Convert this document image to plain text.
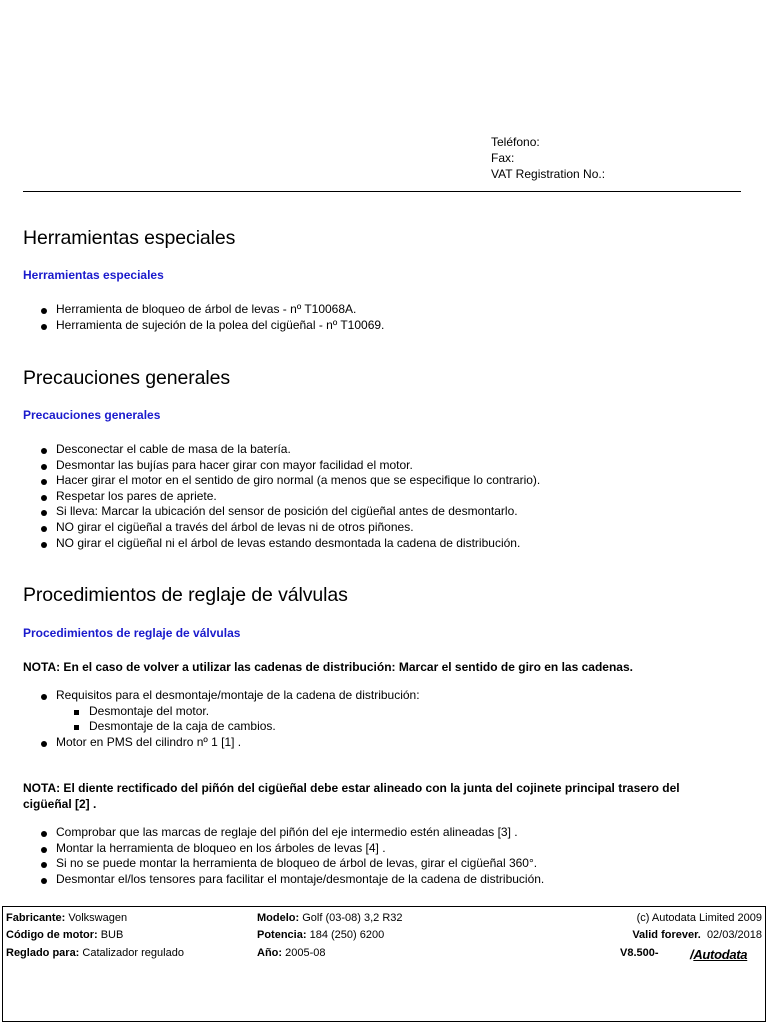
Teléfono:
Fax:
VAT Registration No.:
Herramientas especiales
Herramientas especiales
Herramienta de bloqueo de árbol de levas - nº T10068A.
Herramienta de sujeción de la polea del cigüeñal - nº T10069.
Precauciones generales
Precauciones generales
Desconectar el cable de masa de la batería.
Desmontar las bujías para hacer girar con mayor facilidad el motor.
Hacer girar el motor en el sentido de giro normal (a menos que se especifique lo contrario).
Respetar los pares de apriete.
Si lleva: Marcar la ubicación del sensor de posición del cigüeñal antes de desmontarlo.
NO girar el cigüeñal a través del árbol de levas ni de otros piñones.
NO girar el cigüeñal ni el árbol de levas estando desmontada la cadena de distribución.
Procedimientos de reglaje de válvulas
Procedimientos de reglaje de válvulas
NOTA: En el caso de volver a utilizar las cadenas de distribución: Marcar el sentido de giro en las cadenas.
Requisitos para el desmontaje/montaje de la cadena de distribución:
Desmontaje del motor.
Desmontaje de la caja de cambios.
Motor en PMS del cilindro nº 1 [1] .
NOTA: El diente rectificado del piñón del cigüeñal debe estar alineado con la junta del cojinete principal trasero del cigüeñal [2] .
Comprobar que las marcas de reglaje del piñón del eje intermedio estén alineadas [3] .
Montar la herramienta de bloqueo en los árboles de levas [4] .
Si no se puede montar la herramienta de bloqueo de árbol de levas, girar el cigüeñal 360°.
Desmontar el/los tensores para facilitar el montaje/desmontaje de la cadena de distribución.
Fabricante: Volkswagen
Código de motor: BUB
Reglado para: Catalizador regulado
Modelo: Golf (03-08) 3,2 R32
Potencia: 184 (250) 6200
Año: 2005-08
(c) Autodata Limited 2009
Valid forever. 02/03/2018
V8.500- /Autodata
